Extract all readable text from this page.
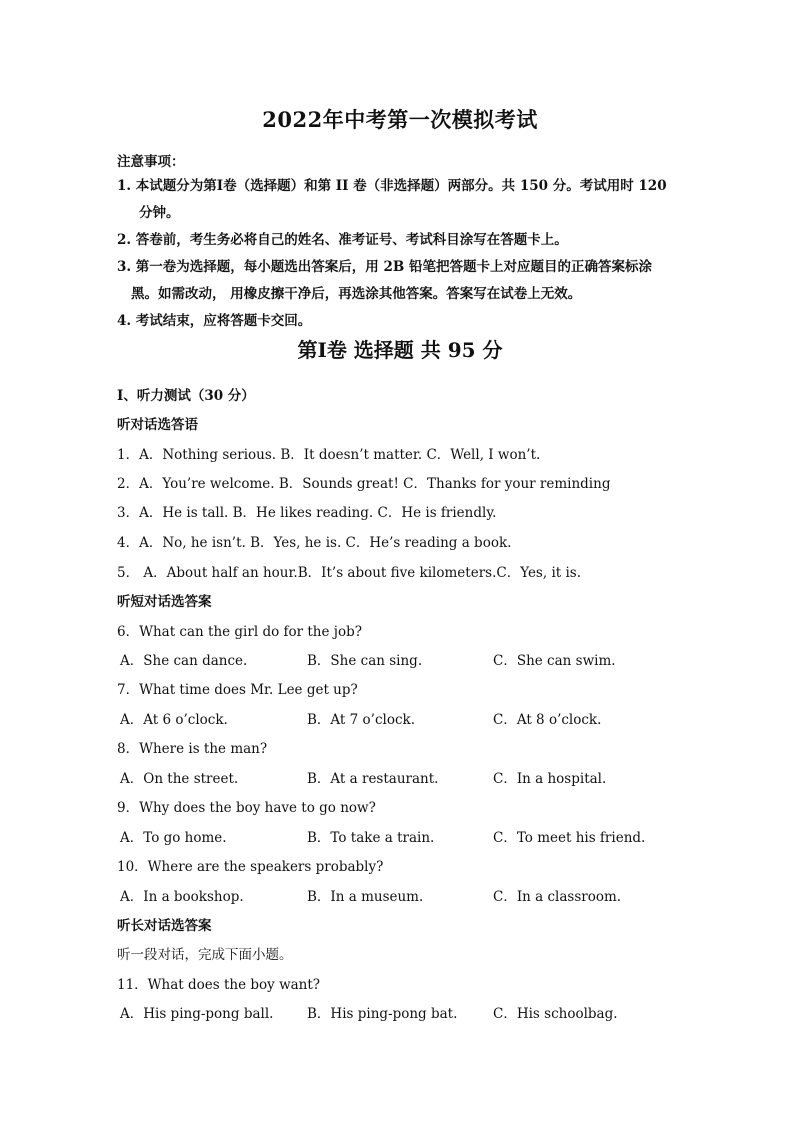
2022年中考第一次模拟考试
注意事项：
1. 本试题分为第Ⅰ卷（选择题）和第 II 卷（非选择题）两部分。共 150 分。考试用时 120
分钟。
2. 答卷前，考生务必将自己的姓名、准考证号、考试科目涂写在答题卡上。
3. 第一卷为选择题，每小题选出答案后，用 2B 铅笔把答题卡上对应题目的正确答案标涂
黑。如需改动， 用橡皮擦干净后，再选涂其他答案。答案写在试卷上无效。
4. 考试结束，应将答题卡交回。
第Ⅰ卷 选择题 共 95 分
Ⅰ、听力测试（30 分）
听对话选答语
1．A．Nothing serious. B．It doesn’t matter. C．Well, I won’t.
2．A．You’re welcome. B．Sounds great! C．Thanks for your reminding
3．A．He is tall. B．He likes reading. C．He is friendly.
4．A．No, he isn’t. B．Yes, he is. C．He’s reading a book.
5． A．About half an hour.B．It’s about five kilometers.C．Yes, it is.
听短对话选答案
6．What can the girl do for the job?
A．She can dance.	B．She can sing.	C．She can swim.
7．What time does Mr. Lee get up?
A．At 6 o’clock.	B．At 7 o’clock.	C．At 8 o’clock.
8．Where is the man?
A．On the street.	B．At a restaurant.	C．In a hospital.
9．Why does the boy have to go now?
A．To go home.	B．To take a train.	C．To meet his friend.
10．Where are the speakers probably?
A．In a bookshop.	B．In a museum.	C．In a classroom.
听长对话选答案
听一段对话，完成下面小题。
11．What does the boy want?
A．His ping-pong ball. B．His ping-pong bat.	C．His schoolbag.
